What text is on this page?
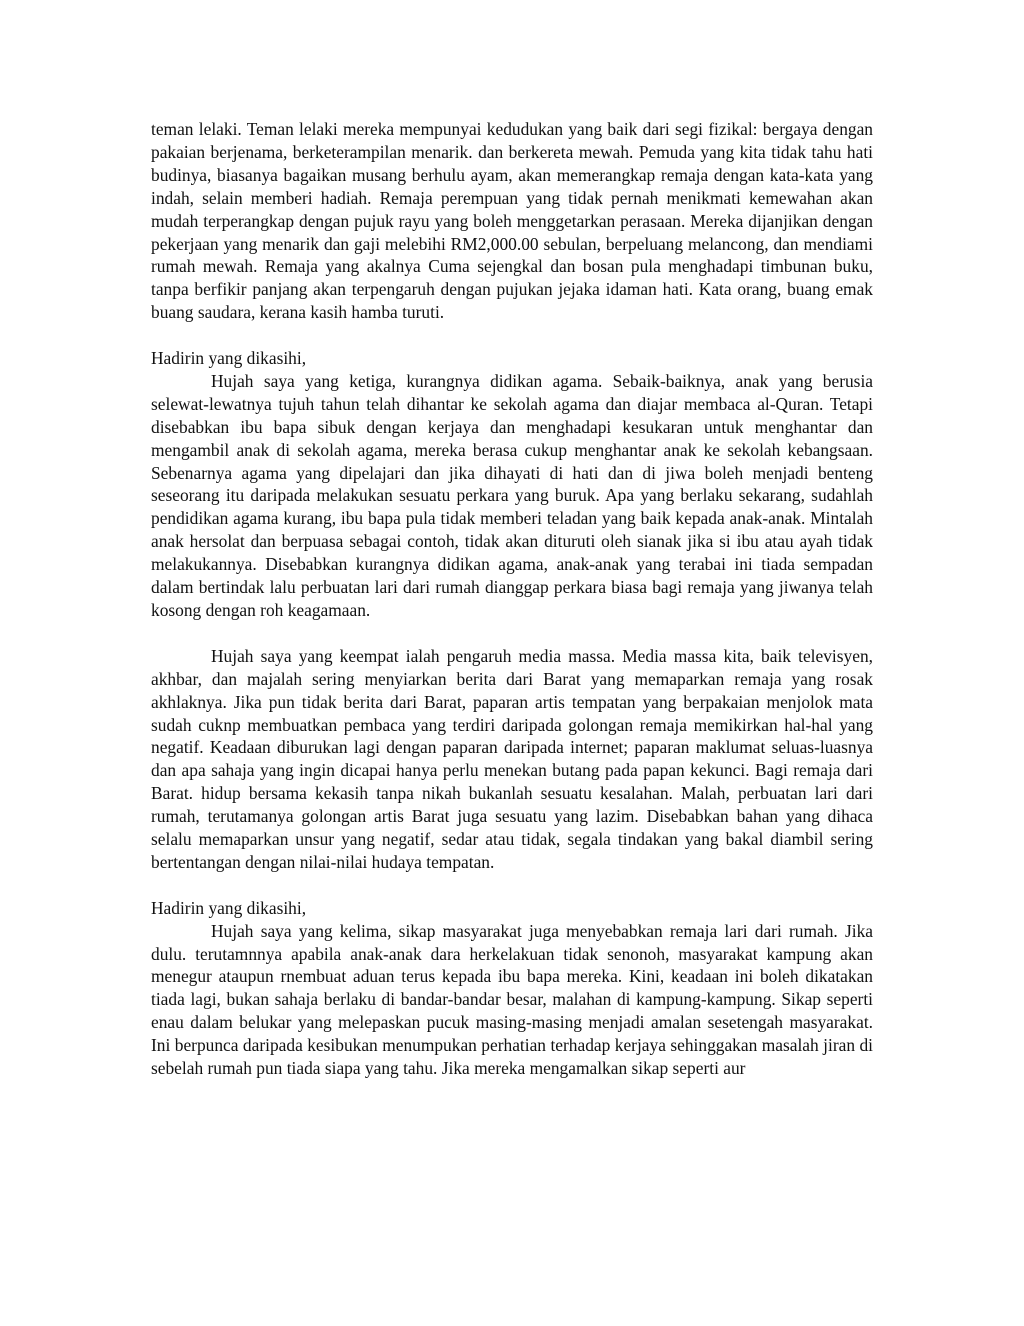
teman lelaki. Teman lelaki mereka mempunyai kedudukan yang baik dari segi fizikal: bergaya dengan pakaian berjenama, berketerampilan menarik. dan berkereta mewah. Pemuda yang kita tidak tahu hati budinya, biasanya bagaikan musang berhulu ayam, akan memerangkap remaja dengan kata-kata yang indah, selain memberi hadiah. Remaja perempuan yang tidak pernah menikmati kemewahan akan mudah terperangkap dengan pujuk rayu yang boleh menggetarkan perasaan. Mereka dijanjikan dengan pekerjaan yang menarik dan gaji melebihi RM2,000.00 sebulan, berpeluang melancong, dan mendiami rumah mewah. Remaja yang akalnya Cuma sejengkal dan bosan pula menghadapi timbunan buku, tanpa berfikir panjang akan terpengaruh dengan pujukan jejaka idaman hati. Kata orang, buang emak buang saudara, kerana kasih hamba turuti.

Hadirin yang dikasihi,

Hujah saya yang ketiga, kurangnya didikan agama. Sebaik-baiknya, anak yang berusia selewat-lewatnya tujuh tahun telah dihantar ke sekolah agama dan diajar membaca al-Quran. Tetapi disebabkan ibu bapa sibuk dengan kerjaya dan menghadapi kesukaran untuk menghantar dan mengambil anak di sekolah agama, mereka berasa cukup menghantar anak ke sekolah kebangsaan. Sebenarnya agama yang dipelajari dan jika dihayati di hati dan di jiwa boleh menjadi benteng seseorang itu daripada melakukan sesuatu perkara yang buruk. Apa yang berlaku sekarang, sudahlah pendidikan agama kurang, ibu bapa pula tidak memberi teladan yang baik kepada anak-anak. Mintalah anak hersolat dan berpuasa sebagai contoh, tidak akan dituruti oleh sianak jika si ibu atau ayah tidak melakukannya. Disebabkan kurangnya didikan agama, anak-anak yang terabai ini tiada sempadan dalam bertindak lalu perbuatan lari dari rumah dianggap perkara biasa bagi remaja yang jiwanya telah kosong dengan roh keagamaan.

Hujah saya yang keempat ialah pengaruh media massa. Media massa kita, baik televisyen, akhbar, dan majalah sering menyiarkan berita dari Barat yang memaparkan remaja yang rosak akhlaknya. Jika pun tidak berita dari Barat, paparan artis tempatan yang berpakaian menjolok mata sudah cuknp membuatkan pembaca yang terdiri daripada golongan remaja memikirkan hal-hal yang negatif. Keadaan diburukan lagi dengan paparan daripada internet; paparan maklumat seluas-luasnya dan apa sahaja yang ingin dicapai hanya perlu menekan butang pada papan kekunci. Bagi remaja dari Barat. hidup bersama kekasih tanpa nikah bukanlah sesuatu kesalahan. Malah, perbuatan lari dari rumah, terutamanya golongan artis Barat juga sesuatu yang lazim. Disebabkan bahan yang dihaca selalu memaparkan unsur yang negatif, sedar atau tidak, segala tindakan yang bakal diambil sering bertentangan dengan nilai-nilai hudaya tempatan.

Hadirin yang dikasihi,

Hujah saya yang kelima, sikap masyarakat juga menyebabkan remaja lari dari rumah. Jika dulu. terutamnnya apabila anak-anak dara herkelakuan tidak senonoh, masyarakat kampung akan menegur ataupun rnembuat aduan terus kepada ibu bapa mereka. Kini, keadaan ini boleh dikatakan tiada lagi, bukan sahaja berlaku di bandar-bandar besar, malahan di kampung-kampung. Sikap seperti enau dalam belukar yang melepaskan pucuk masing-masing menjadi amalan sesetengah masyarakat. Ini berpunca daripada kesibukan menumpukan perhatian terhadap kerjaya sehinggakan masalah jiran di sebelah rumah pun tiada siapa yang tahu. Jika mereka mengamalkan sikap seperti aur
